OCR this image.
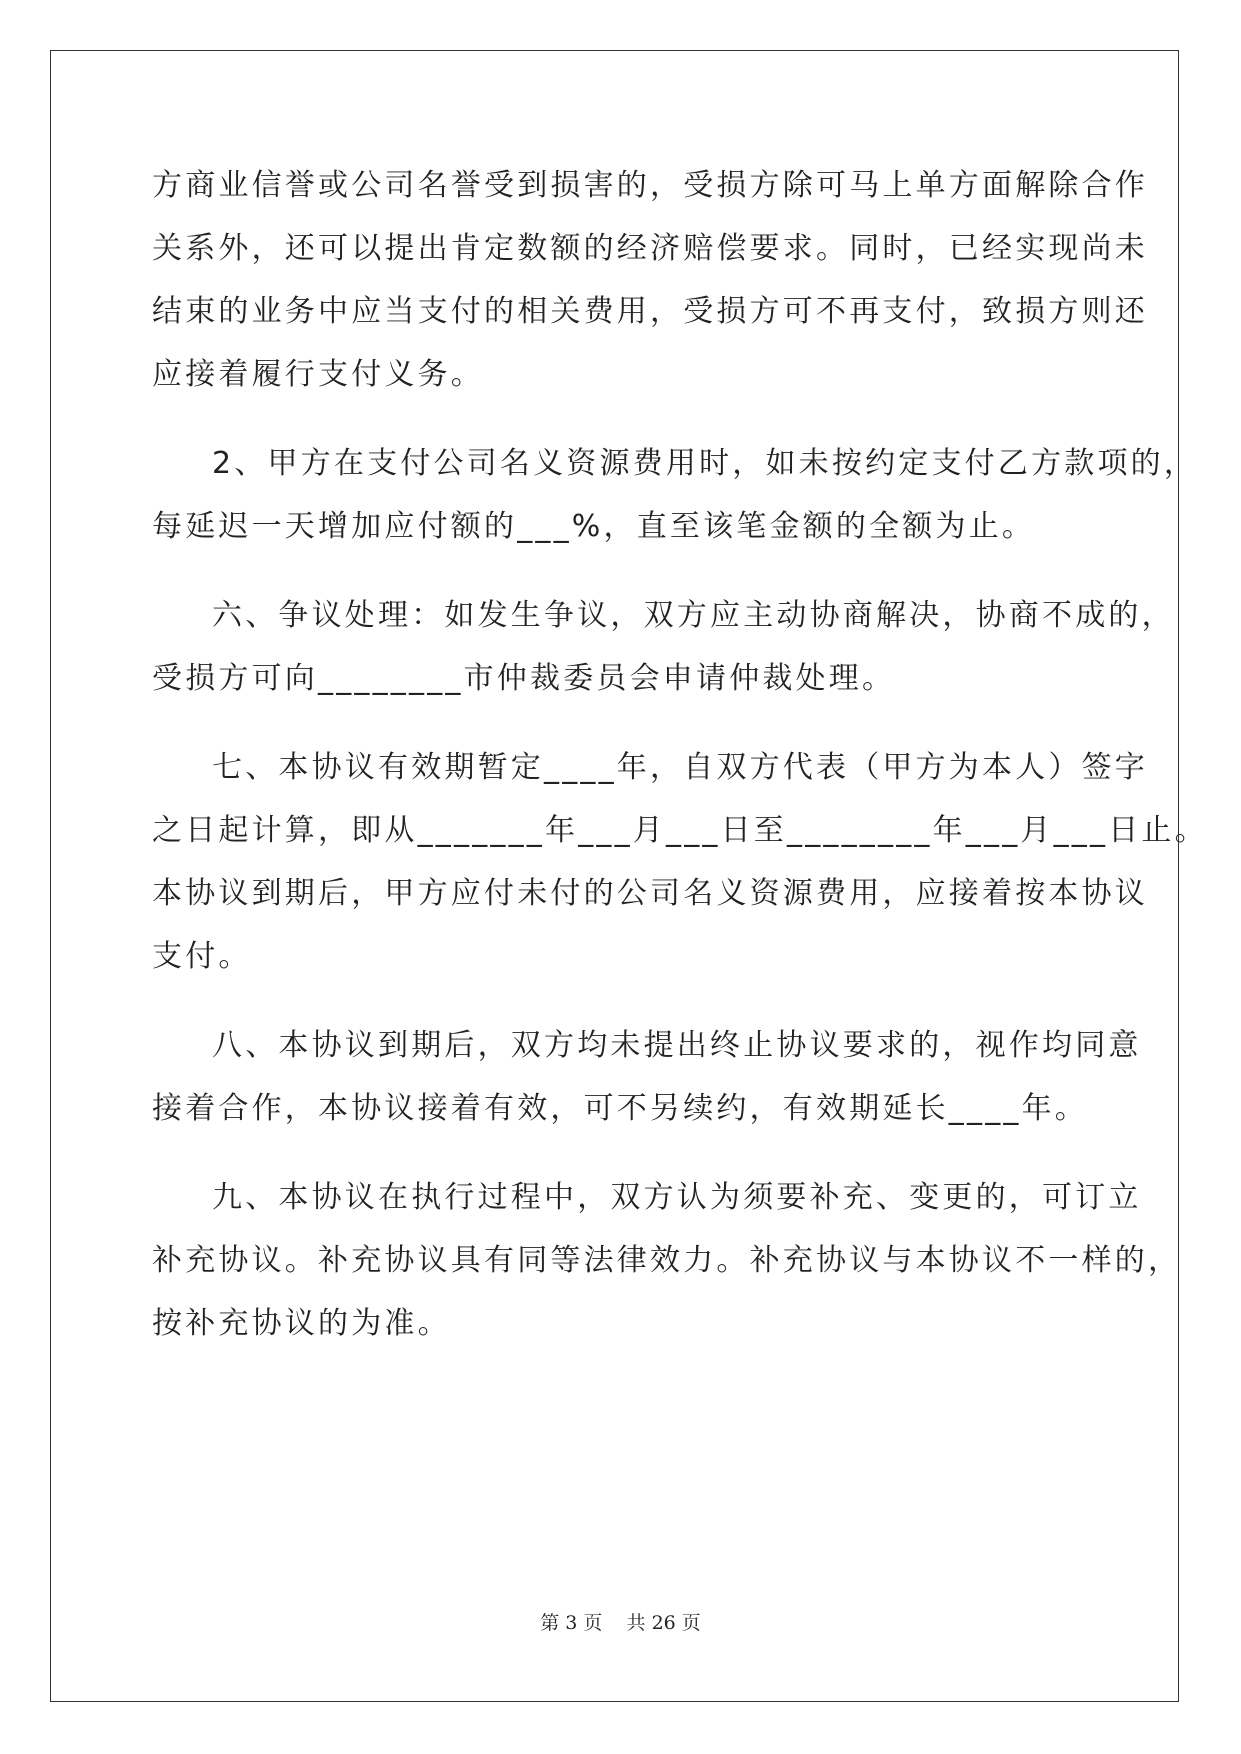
方商业信誉或公司名誉受到损害的，受损方除可马上单方面解除合作
关系外，还可以提出肯定数额的经济赔偿要求。同时，已经实现尚未
结束的业务中应当支付的相关费用，受损方可不再支付，致损方则还
应接着履行支付义务。
2、甲方在支付公司名义资源费用时，如未按约定支付乙方款项的，
每延迟一天增加应付额的___%，直至该笔金额的全额为止。
六、争议处理：如发生争议，双方应主动协商解决，协商不成的，
受损方可向________市仲裁委员会申请仲裁处理。
七、本协议有效期暂定____年，自双方代表（甲方为本人）签字
之日起计算，即从_______年___月___日至________年___月___日止。
本协议到期后，甲方应付未付的公司名义资源费用，应接着按本协议
支付。
八、本协议到期后，双方均未提出终止协议要求的，视作均同意
接着合作，本协议接着有效，可不另续约，有效期延长____年。
九、本协议在执行过程中，双方认为须要补充、变更的，可订立
补充协议。补充协议具有同等法律效力。补充协议与本协议不一样的，
按补充协议的为准。
第 3 页    共 26 页
